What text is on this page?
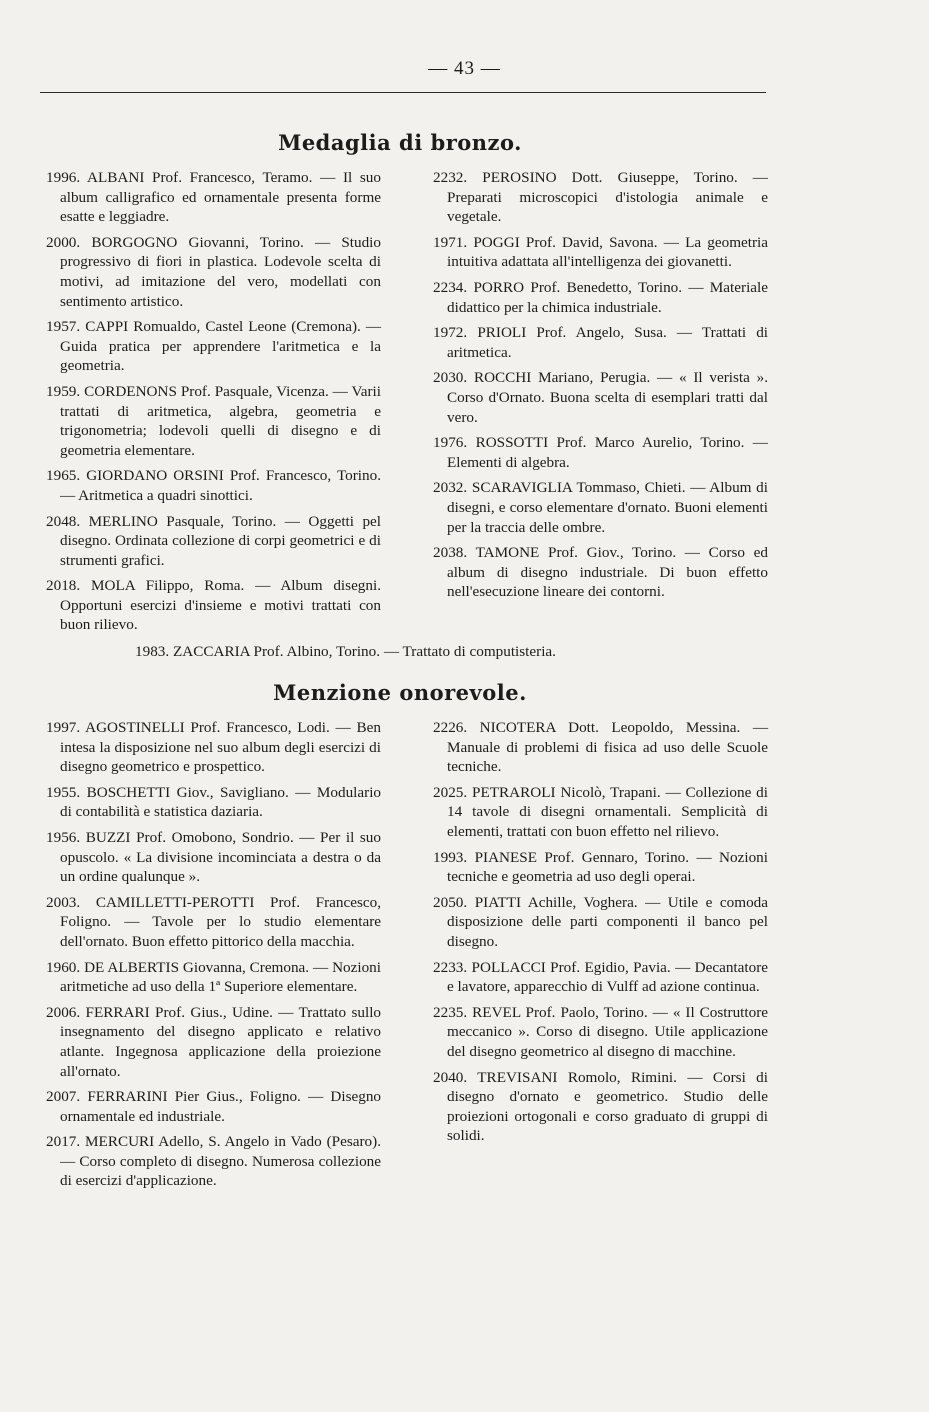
— 43 —
Medaglia di bronzo.
1996. ALBANI Prof. Francesco, Teramo. — Il suo album calligrafico ed ornamentale presenta forme esatte e leggiadre.
2000. BORGOGNO Giovanni, Torino. — Studio progressivo di fiori in plastica. Lodevole scelta di motivi, ad imitazione del vero, modellati con sentimento artistico.
1957. CAPPI Romualdo, Castel Leone (Cremona). — Guida pratica per apprendere l'aritmetica e la geometria.
1959. CORDENONS Prof. Pasquale, Vicenza. — Varii trattati di aritmetica, algebra, geometria e trigonometria; lodevoli quelli di disegno e di geometria elementare.
1965. GIORDANO ORSINI Prof. Francesco, Torino. — Aritmetica a quadri sinottici.
2048. MERLINO Pasquale, Torino. — Oggetti pel disegno. Ordinata collezione di corpi geometrici e di strumenti grafici.
2018. MOLA Filippo, Roma. — Album disegni. Opportuni esercizi d'insieme e motivi trattati con buon rilievo.
2232. PEROSINO Dott. Giuseppe, Torino. — Preparati microscopici d'istologia animale e vegetale.
1971. POGGI Prof. David, Savona. — La geometria intuitiva adattata all'intelligenza dei giovanetti.
2234. PORRO Prof. Benedetto, Torino. — Materiale didattico per la chimica industriale.
1972. PRIOLI Prof. Angelo, Susa. — Trattati di aritmetica.
2030. ROCCHI Mariano, Perugia. — « Il verista ». Corso d'Ornato. Buona scelta di esemplari tratti dal vero.
1976. ROSSOTTI Prof. Marco Aurelio, Torino. — Elementi di algebra.
2032. SCARAVIGLIA Tommaso, Chieti. — Album di disegni, e corso elementare d'ornato. Buoni elementi per la traccia delle ombre.
2038. TAMONE Prof. Giov., Torino. — Corso ed album di disegno industriale. Di buon effetto nell'esecuzione lineare dei contorni.
1983. ZACCARIA Prof. Albino, Torino. — Trattato di computisteria.
Menzione onorevole.
1997. AGOSTINELLI Prof. Francesco, Lodi. — Ben intesa la disposizione nel suo album degli esercizi di disegno geometrico e prospettico.
1955. BOSCHETTI Giov., Savigliano. — Modulario di contabilità e statistica daziaria.
1956. BUZZI Prof. Omobono, Sondrio. — Per il suo opuscolo. « La divisione incominciata a destra o da un ordine qualunque ».
2003. CAMILLETTI-PEROTTI Prof. Francesco, Foligno. — Tavole per lo studio elementare dell'ornato. Buon effetto pittorico della macchia.
1960. DE ALBERTIS Giovanna, Cremona. — Nozioni aritmetiche ad uso della 1ª Superiore elementare.
2006. FERRARI Prof. Gius., Udine. — Trattato sullo insegnamento del disegno applicato e relativo atlante. Ingegnosa applicazione della proiezione all'ornato.
2007. FERRARINI Pier Gius., Foligno. — Disegno ornamentale ed industriale.
2017. MERCURI Adello, S. Angelo in Vado (Pesaro). — Corso completo di disegno. Numerosa collezione di esercizi d'applicazione.
2226. NICOTERA Dott. Leopoldo, Messina. — Manuale di problemi di fisica ad uso delle Scuole tecniche.
2025. PETRAROLI Nicolò, Trapani. — Collezione di 14 tavole di disegni ornamentali. Semplicità di elementi, trattati con buon effetto nel rilievo.
1993. PIANESE Prof. Gennaro, Torino. — Nozioni tecniche e geometria ad uso degli operai.
2050. PIATTI Achille, Voghera. — Utile e comoda disposizione delle parti componenti il banco pel disegno.
2233. POLLACCI Prof. Egidio, Pavia. — Decantatore e lavatore, apparecchio di Vulff ad azione continua.
2235. REVEL Prof. Paolo, Torino. — « Il Costruttore meccanico ». Corso di disegno. Utile applicazione del disegno geometrico al disegno di macchine.
2040. TREVISANI Romolo, Rimini. — Corsi di disegno d'ornato e geometrico. Studio delle proiezioni ortogonali e corso graduato di gruppi di solidi.
